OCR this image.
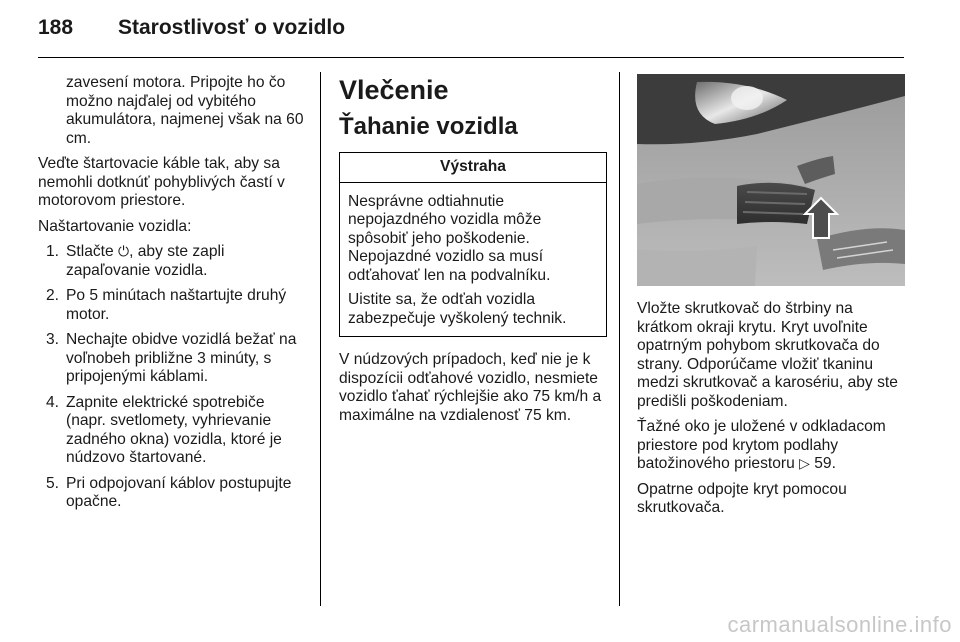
188 Starostlivosť o vozidlo

zavesení motora. Pripojte ho čo možno najďalej od vybitého akumulátora, najmenej však na 60 cm.

Veďte štartovacie káble tak, aby sa nemohli dotknúť pohyblivých častí v motorovom priestore.

Naštartovanie vozidla:

1. Stlačte ⏻, aby ste zapli zapaľovanie vozidla.
2. Po 5 minútach naštartujte druhý motor.
3. Nechajte obidve vozidlá bežať na voľnobeh približne 3 minúty, s pripojenými káblami.
4. Zapnite elektrické spotrebiče (napr. svetlomety, vyhrievanie zadného okna) vozidla, ktoré je núdzovo štartované.
5. Pri odpojovaní káblov postupujte opačne.
Vlečenie
Ťahanie vozidla
Výstraha

Nesprávne odtiahnutie nepojazdného vozidla môže spôsobiť jeho poškodenie. Nepojazdné vozidlo sa musí odťahovať len na podvalníku.

Uistite sa, že odťah vozidla zabezpečuje vyškolený technik.

V núdzových prípadoch, keď nie je k dispozícii odťahové vozidlo, nesmiete vozidlo ťahať rýchlejšie ako 75 km/h a maximálne na vzdialenosť 75 km.

Vložte skrutkovač do štrbiny na krátkom okraji krytu. Kryt uvoľnite opatrným pohybom skrutkovača do strany. Odporúčame vložiť tkaninu medzi skrutkovač a karosériu, aby ste predišli poškodeniam.

Ťažné oko je uložené v odkladacom priestore pod krytom podlahy batožinového priestoru ▷ 59.

Opatrne odpojte kryt pomocou skrutkovača.

carmanualsonline.info
